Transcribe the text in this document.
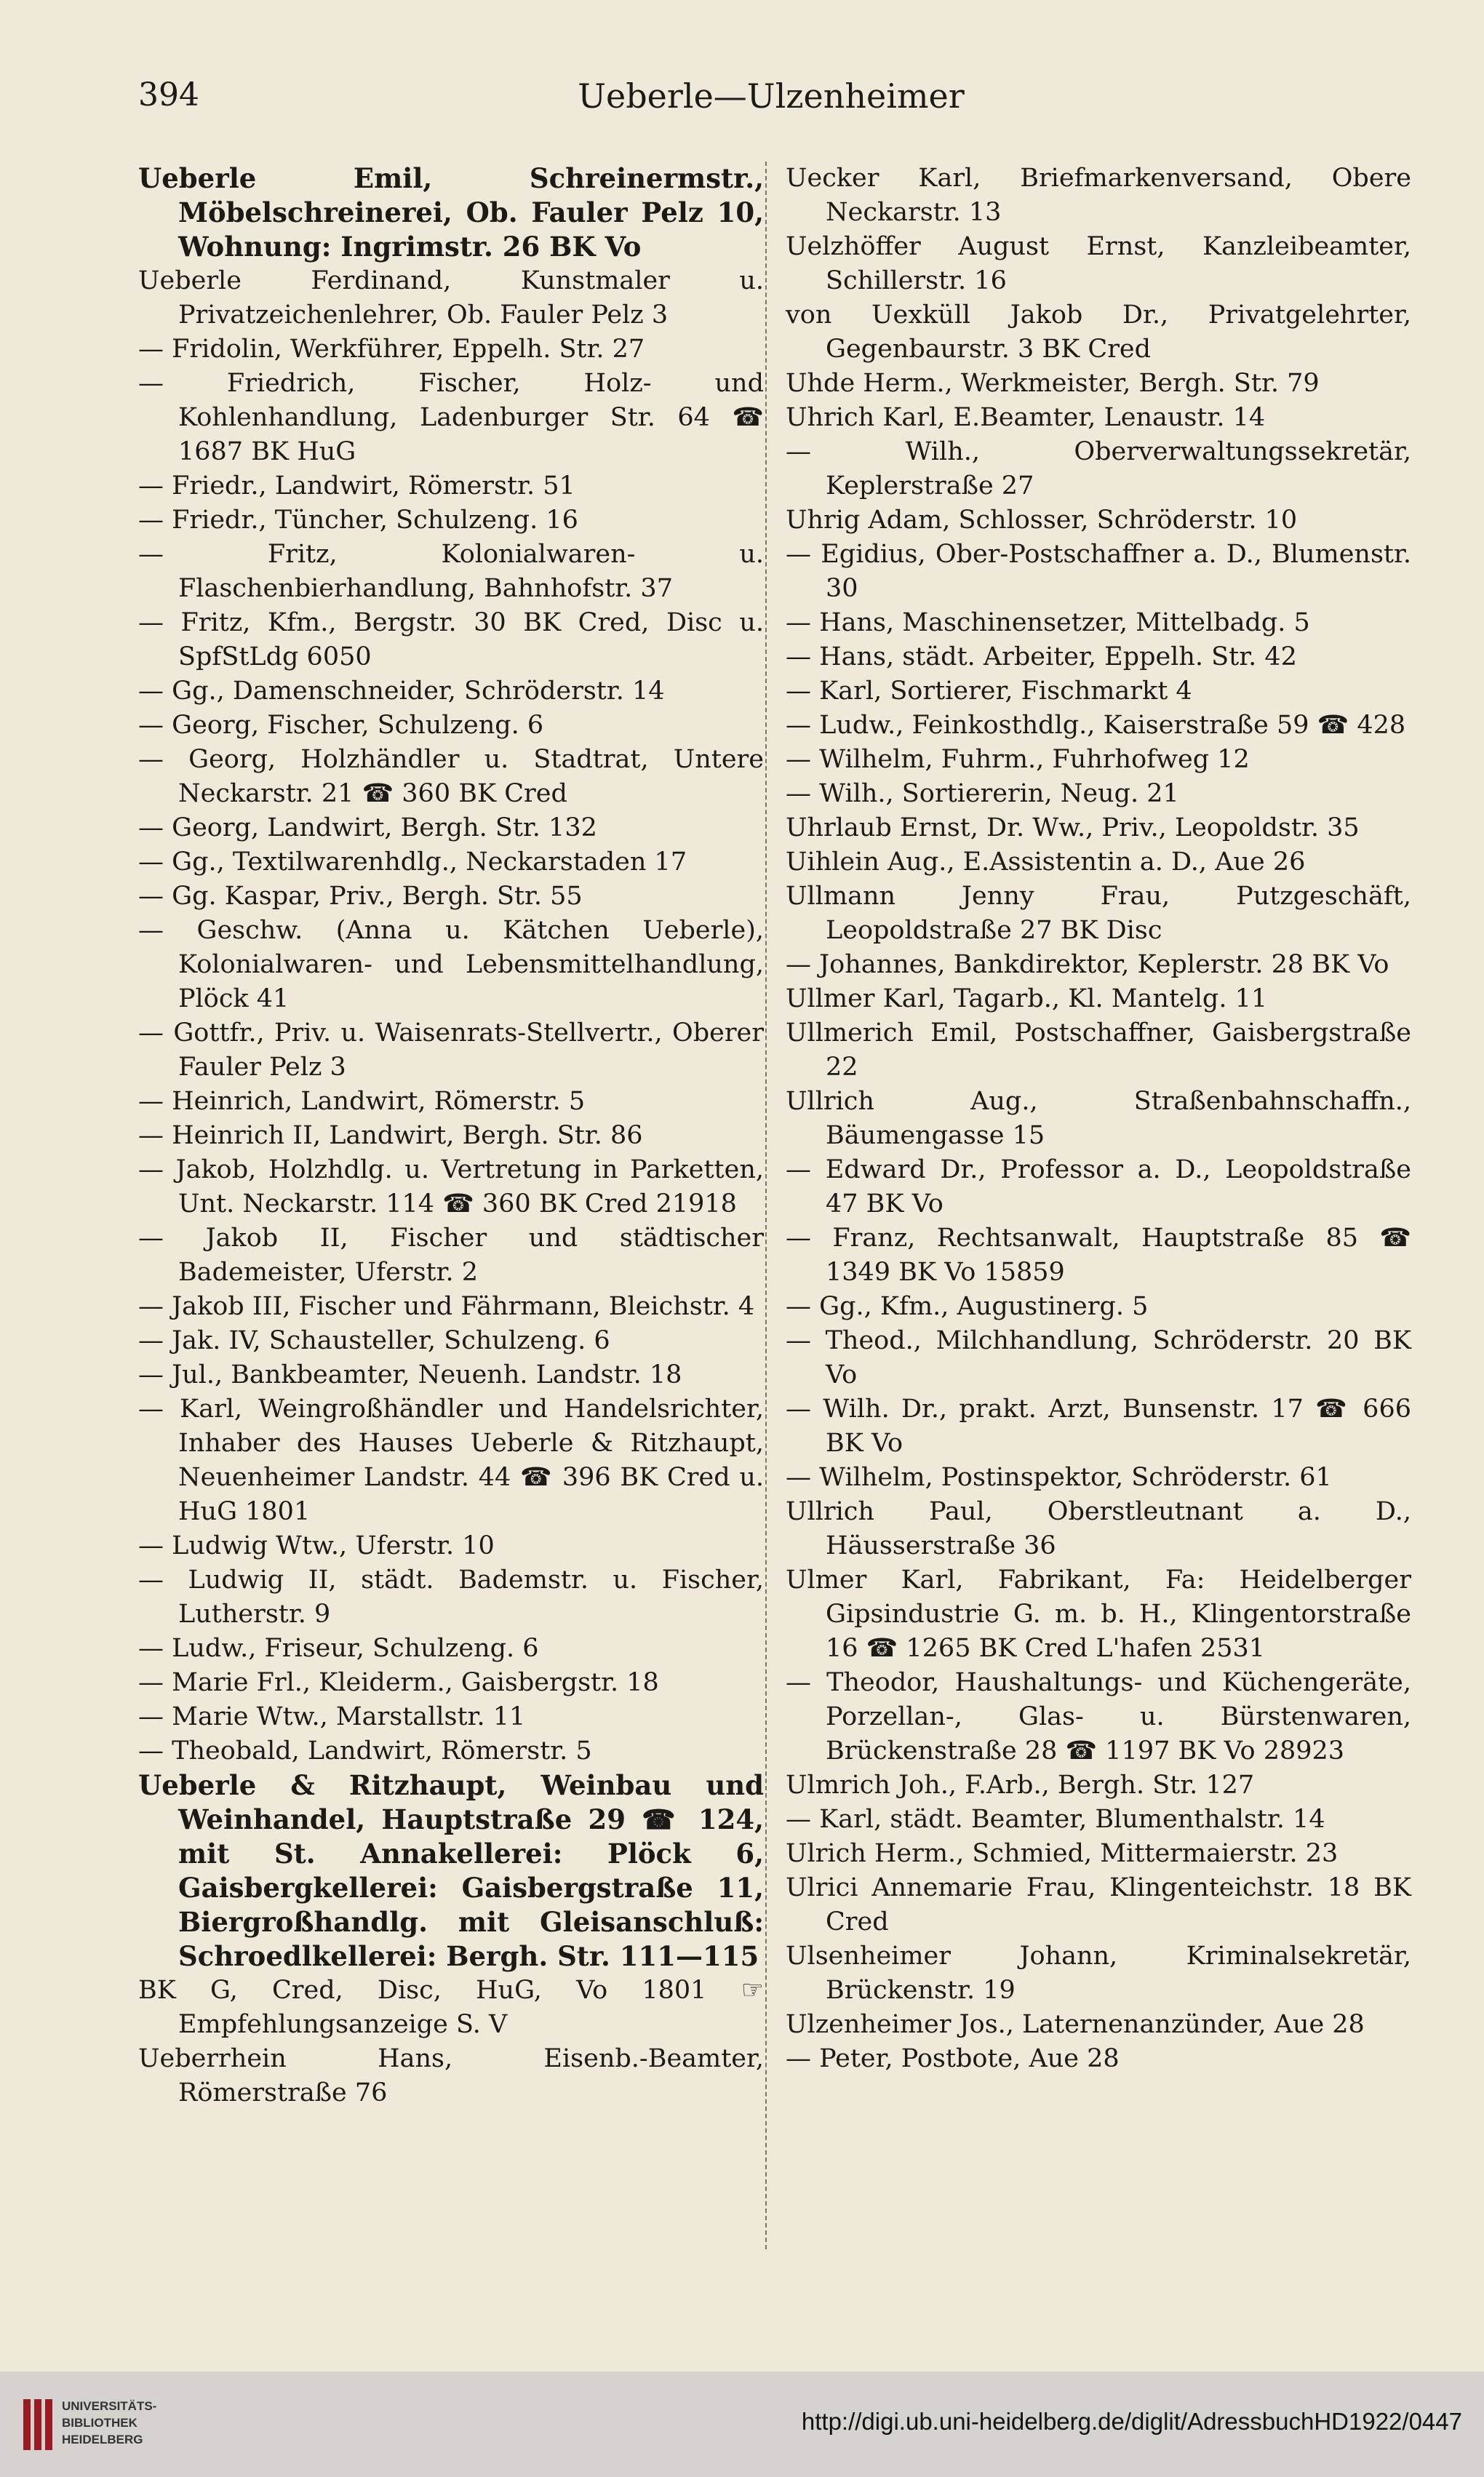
394	Ueberle—Ulzenheimer
Ueberle Emil, Schreinermstr., Möbelschreinerei, Ob. Fauler Pelz 10, Wohnung: Ingrimstr. 26 BK Vo
Ueberle Ferdinand, Kunstmaler u. Privatzeichenlehrer, Ob. Fauler Pelz 3
— Fridolin, Werkführer, Eppelh. Str. 27
— Friedrich, Fischer, Holz- und Kohlenhandlung, Ladenburger Str. 64 ☎ 1687 BK HuG
— Friedr., Landwirt, Römerstr. 51
— Friedr., Tüncher, Schulzeng. 16
— Fritz, Kolonialwaren- u. Flaschenbierhandlung, Bahnhofstr. 37
— Fritz, Kfm., Bergstr. 30 BK Cred, Disc u. SpfStLdg 6050
— Gg., Damenschneider, Schröderstr. 14
— Georg, Fischer, Schulzeng. 6
— Georg, Holzhändler u. Stadtrat, Untere Neckarstr. 21 ☎ 360 BK Cred
— Georg, Landwirt, Bergh. Str. 132
— Gg., Textilwarenhdlg., Neckarstaden 17
— Gg. Kaspar, Priv., Bergh. Str. 55
— Geschw. (Anna u. Kätchen Ueberle), Kolonialwaren- und Lebensmittelhandlung, Plöck 41
— Gottfr., Priv. u. Waisenrats-Stellvertr., Oberer Fauler Pelz 3
— Heinrich, Landwirt, Römerstr. 5
— Heinrich II, Landwirt, Bergh. Str. 86
— Jakob, Holzhdlg. u. Vertretung in Parketten, Unt. Neckarstr. 114 ☎ 360 BK Cred 21918
— Jakob II, Fischer und städtischer Bademeister, Uferstr. 2
— Jakob III, Fischer und Fährmann, Bleichstr. 4
— Jak. IV, Schausteller, Schulzeng. 6
— Jul., Bankbeamter, Neuenh. Landstr. 18
— Karl, Weingroßhändler und Handelsrichter, Inhaber des Hauses Ueberle & Ritzhaupt, Neuenheimer Landstr. 44 ☎ 396 BK Cred u. HuG 1801
— Ludwig Wtw., Uferstr. 10
— Ludwig II, städt. Bademstr. u. Fischer, Lutherstr. 9
— Ludw., Friseur, Schulzeng. 6
— Marie Frl., Kleiderm., Gaisbergstr. 18
— Marie Wtw., Marstallstr. 11
— Theobald, Landwirt, Römerstr. 5
Ueberle & Ritzhaupt, Weinbau und Weinhandel, Hauptstraße 29 ☎ 124, mit St. Annakellerei: Plöck 6, Gaisbergkellerei: Gaisbergstraße 11, Biergroßhandlg. mit Gleisanschluß: Schroedlkellerei: Bergh. Str. 111—115
BK G, Cred, Disc, HuG, Vo 1801 ☞ Empfehlungsanzeige S. V
Ueberrhein Hans, Eisenb.-Beamter, Römerstraße 76
Uecker Karl, Briefmarkenversand, Obere Neckarstr. 13
Uelzhöffer August Ernst, Kanzleibeamter, Schillerstr. 16
von Uexküll Jakob Dr., Privatgelehrter, Gegenbaurstr. 3 BK Cred
Uhde Herm., Werkmeister, Bergh. Str. 79
Uhrich Karl, E.Beamter, Lenaustr. 14
— Wilh., Oberverwaltungssekretär, Keplerstraße 27
Uhrig Adam, Schlosser, Schröderstr. 10
— Egidius, Ober-Postschaffner a. D., Blumenstr. 30
— Hans, Maschinensetzer, Mittelbadg. 5
— Hans, städt. Arbeiter, Eppelh. Str. 42
— Karl, Sortierer, Fischmarkt 4
— Ludw., Feinkosthdlg., Kaiserstraße 59 ☎ 428
— Wilhelm, Fuhrm., Fuhrhofweg 12
— Wilh., Sortiererin, Neug. 21
Uhrlaub Ernst, Dr. Ww., Priv., Leopoldstr. 35
Uihlein Aug., E.Assistentin a. D., Aue 26
Ullmann Jenny Frau, Putzgeschäft, Leopoldstraße 27 BK Disc
— Johannes, Bankdirektor, Keplerstr. 28 BK Vo
Ullmer Karl, Tagarb., Kl. Mantelg. 11
Ullmerich Emil, Postschaffner, Gaisbergstraße 22
Ullrich Aug., Straßenbahnschaffn., Bäumengasse 15
— Edward Dr., Professor a. D., Leopoldstraße 47 BK Vo
— Franz, Rechtsanwalt, Hauptstraße 85 ☎ 1349 BK Vo 15859
— Gg., Kfm., Augustinerg. 5
— Theod., Milchhandlung, Schröderstr. 20 BK Vo
— Wilh. Dr., prakt. Arzt, Bunsenstr. 17 ☎ 666 BK Vo
— Wilhelm, Postinspektor, Schröderstr. 61
Ullrich Paul, Oberstleutnant a. D., Häusserstraße 36
Ulmer Karl, Fabrikant, Fa: Heidelberger Gipsindustrie G. m. b. H., Klingentorstraße 16 ☎ 1265 BK Cred L'hafen 2531
— Theodor, Haushaltungs- und Küchengeräte, Porzellan-, Glas- u. Bürstenwaren, Brückenstraße 28 ☎ 1197 BK Vo 28923
Ulmrich Joh., F.Arb., Bergh. Str. 127
— Karl, städt. Beamter, Blumenthalstr. 14
Ulrich Herm., Schmied, Mittermaierstr. 23
Ulrici Annemarie Frau, Klingenteichstr. 18 BK Cred
Ulsenheimer Johann, Kriminalsekretär, Brückenstr. 19
Ulzenheimer Jos., Laternenanzünder, Aue 28
— Peter, Postbote, Aue 28
UNIVERSITÄTS-
BIBLIOTHEK
HEIDELBERG
http://digi.ub.uni-heidelberg.de/diglit/AdressbuchHD1922/0447
